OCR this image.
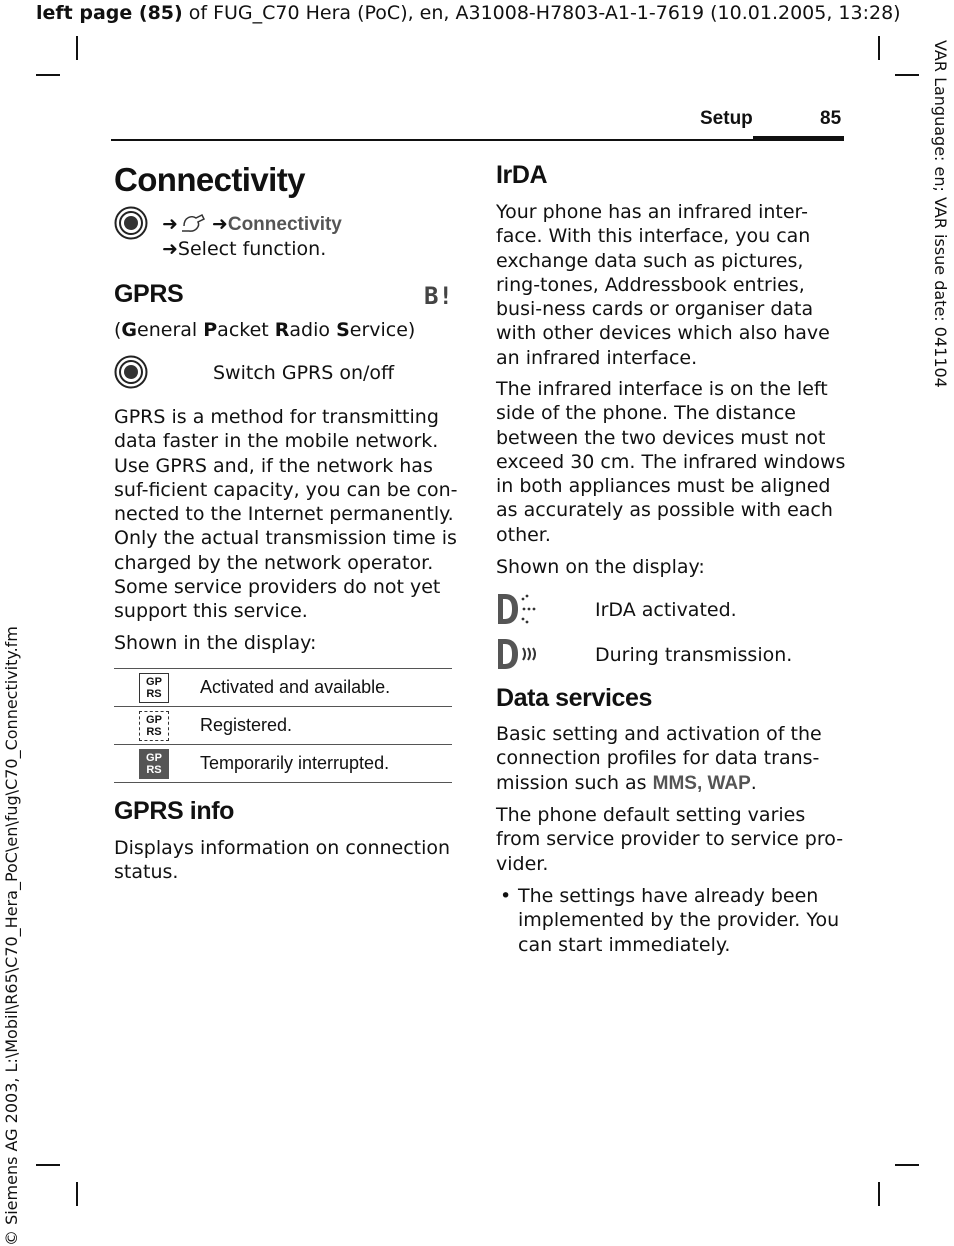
left page (85) of FUG_C70 Hera (PoC), en, A31008-H7803-A1-1-7619 (10.01.2005, 13:28)
VAR Language: en; VAR issue date: 041104
© Siemens AG 2003, L:\Mobil\R65\C70_Hera_PoC\en\fug\C70_Connectivity.fm
Setup	85
Connectivity
➜ ➜Connectivity
➜Select function.
GPRS	B!

(General Packet Radio Service)

Switch GPRS on/off

GPRS is a method for transmitting data faster in the mobile network. Use GPRS and, if the network has suf-ficient capacity, you can be con-nected to the Internet permanently. Only the actual transmission time is charged by the network operator. Some service providers do not yet support this service.

Shown in the display:

GP
RS	Activated and available.
GP
RS	Registered.
GP
RS	Temporarily interrupted.
GPRS info

Displays information on connection status.

IrDA

Your phone has an infrared inter-face. With this interface, you can exchange data such as pictures, ring-tones, Addressbook entries, busi-ness cards or organiser data with other devices which also have an infrared interface.

The infrared interface is on the left side of the phone. The distance between the two devices must not exceed 30 cm. The infrared windows in both appliances must be aligned as accurately as possible with each other.

Shown on the display:

IrDA activated.

During transmission.

Data services

Basic setting and activation of the connection profiles for data trans-mission such as MMS, WAP.

The phone default setting varies from service provider to service pro-vider.

• The settings have already been implemented by the provider. You can start immediately.
